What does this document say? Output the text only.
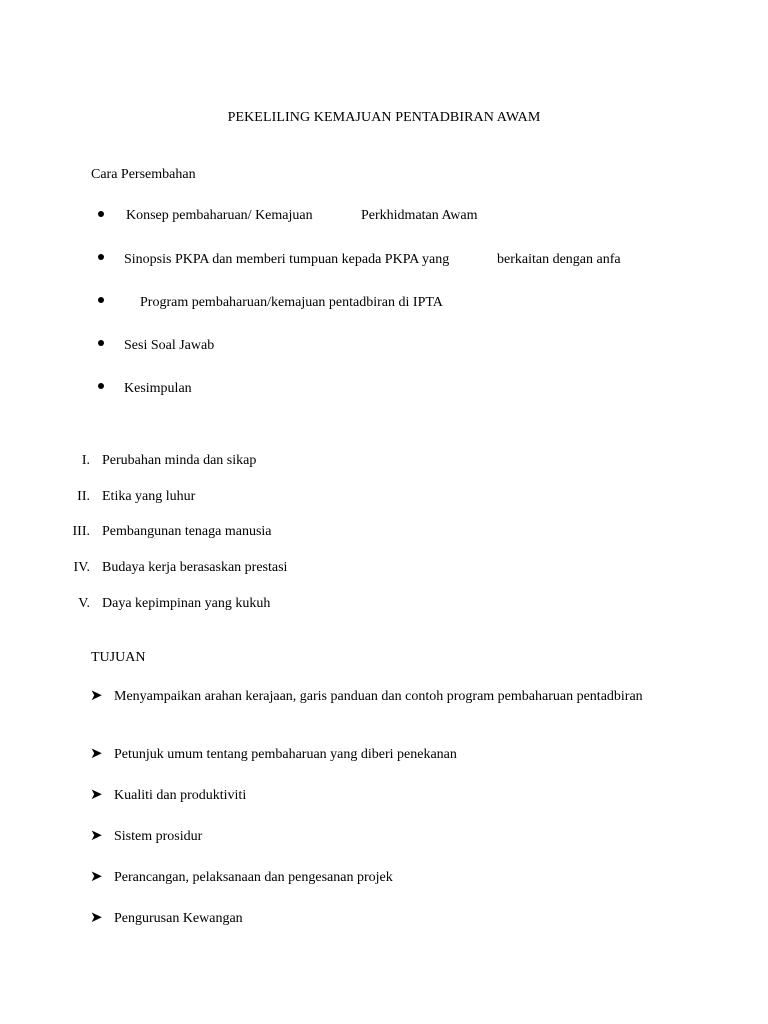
PEKELILING KEMAJUAN PENTADBIRAN AWAM
Cara Persembahan
Konsep pembaharuan/ Kemajuan	Perkhidmatan Awam
Sinopsis PKPA dan memberi tumpuan kepada PKPA yang	berkaitan dengan anfa
Program pembaharuan/kemajuan pentadbiran di IPTA
Sesi Soal Jawab
Kesimpulan
I. Perubahan minda dan sikap
II. Etika yang luhur
III. Pembangunan tenaga manusia
IV. Budaya kerja berasaskan prestasi
V. Daya kepimpinan yang kukuh
TUJUAN
➤ Menyampaikan arahan kerajaan, garis panduan dan contoh program pembaharuan pentadbiran
➤ Petunjuk umum tentang pembaharuan yang diberi penekanan
➤ Kualiti dan produktiviti
➤ Sistem prosidur
➤ Perancangan, pelaksanaan dan pengesanan projek
➤ Pengurusan Kewangan
